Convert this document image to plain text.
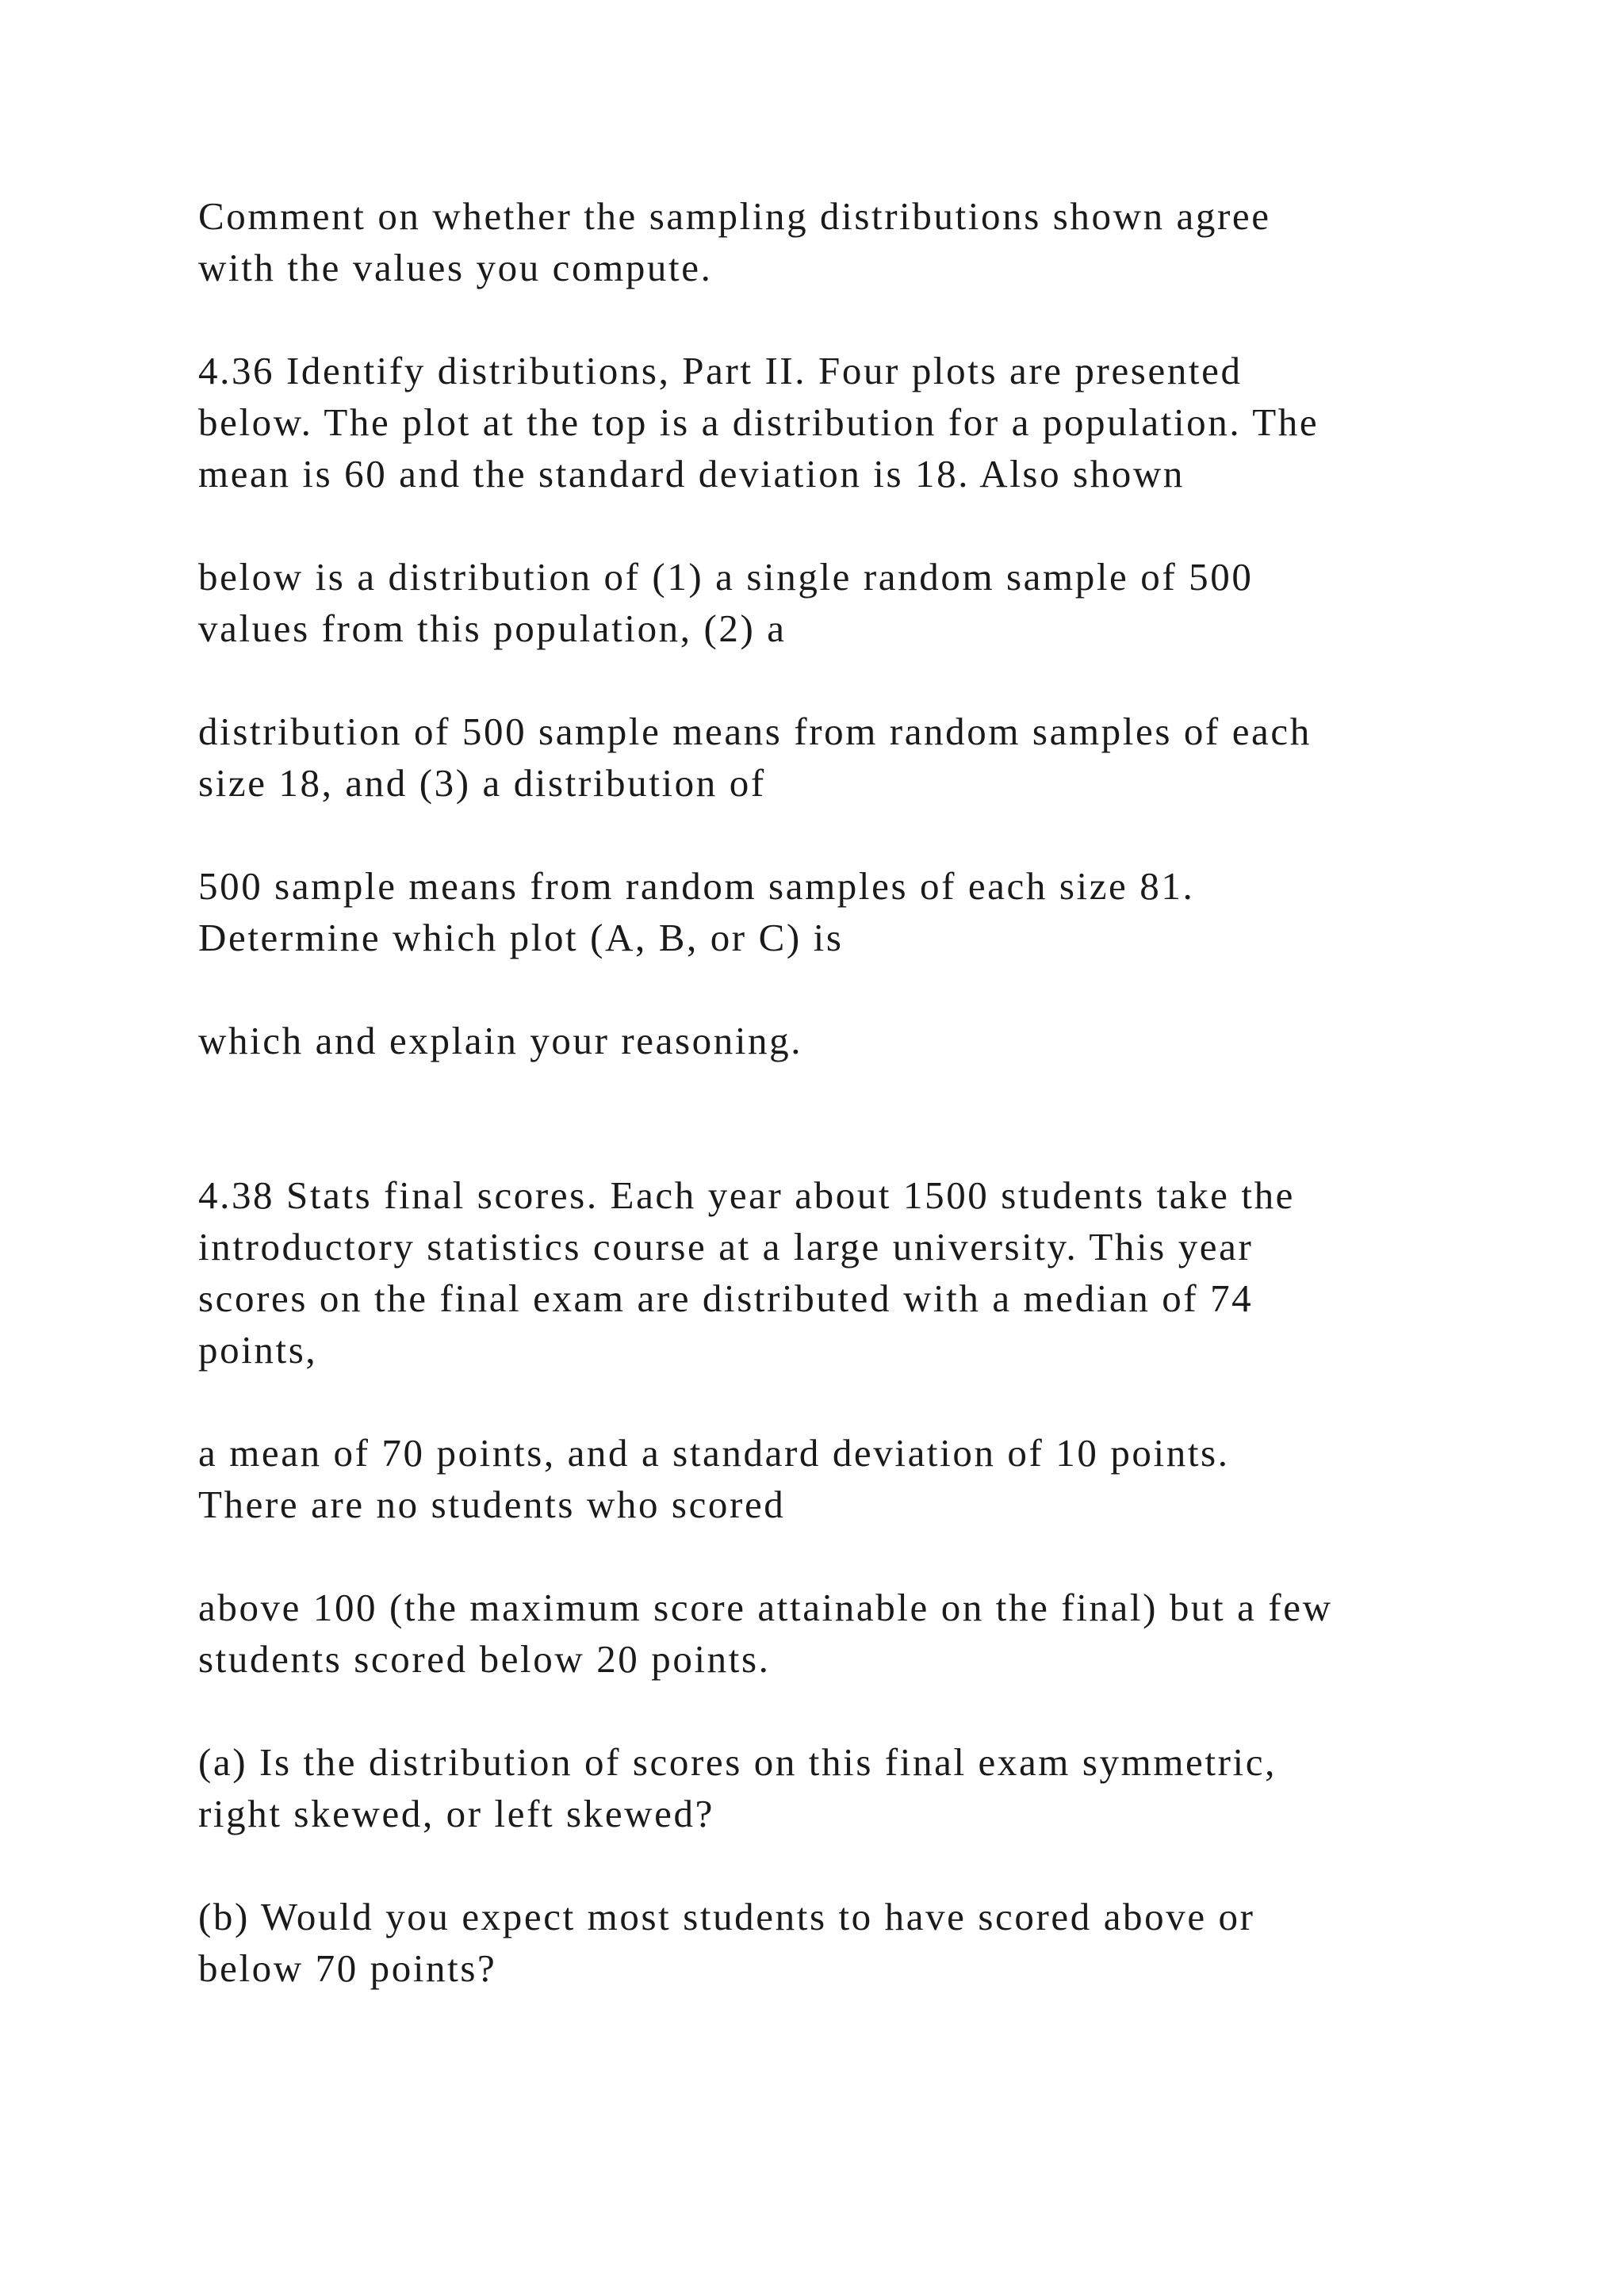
Comment on whether the sampling distributions shown agree
with the values you compute.

4.36 Identify distributions, Part II. Four plots are presented
below. The plot at the top is a distribution for a population. The
mean is 60 and the standard deviation is 18. Also shown

below is a distribution of (1) a single random sample of 500
values from this population, (2) a

distribution of 500 sample means from random samples of each
size 18, and (3) a distribution of

500 sample means from random samples of each size 81.
Determine which plot (A, B, or C) is

which and explain your reasoning.

4.38 Stats final scores. Each year about 1500 students take the
introductory statistics course at a large university. This year
scores on the final exam are distributed with a median of 74
points,

a mean of 70 points, and a standard deviation of 10 points.
There are no students who scored

above 100 (the maximum score attainable on the final) but a few
students scored below 20 points.

(a) Is the distribution of scores on this final exam symmetric,
right skewed, or left skewed?

(b) Would you expect most students to have scored above or
below 70 points?
